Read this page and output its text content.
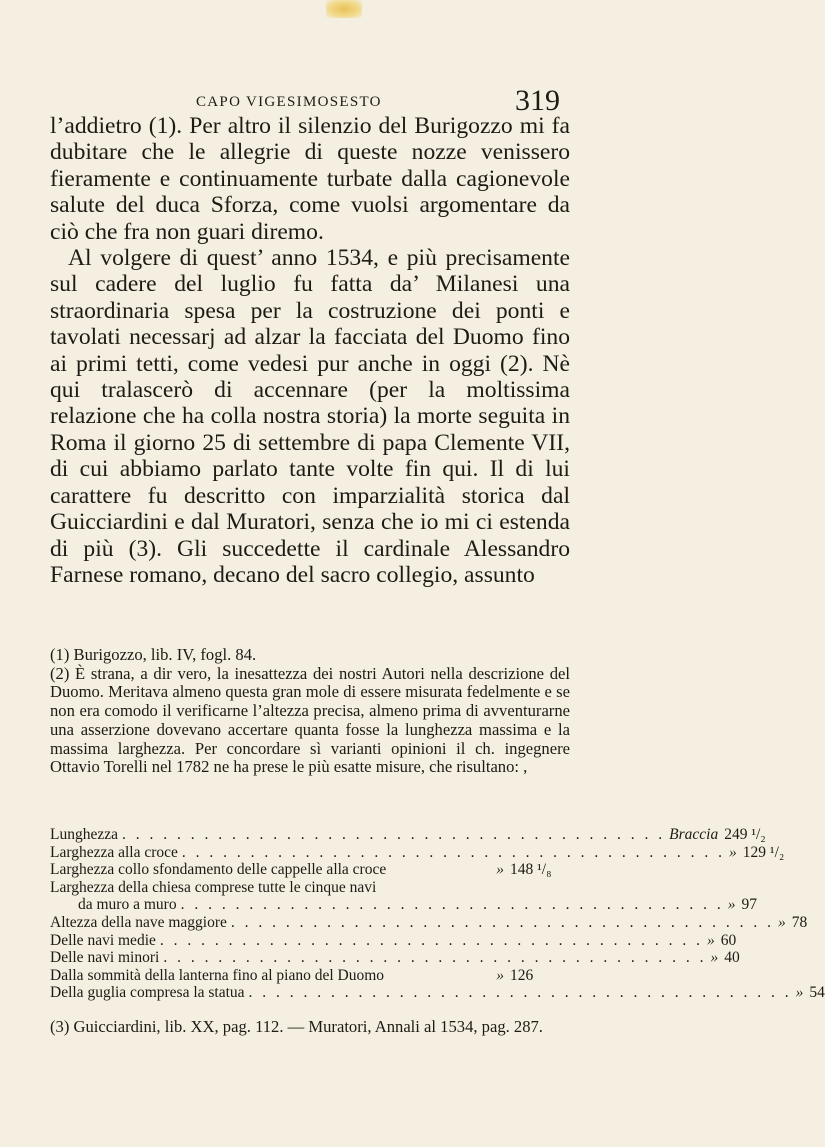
CAPO VIGESIMOSESTO	319

l’addietro (1). Per altro il silenzio del Burigozzo mi fa dubitare che le allegrie di queste nozze venissero fieramente e continuamente turbate dalla cagionevole salute del duca Sforza, come vuolsi argomentare da ciò che fra non guari diremo.

Al volgere di quest’ anno 1534, e più precisamente sul cadere del luglio fu fatta da’ Milanesi una straordinaria spesa per la costruzione dei ponti e tavolati necessarj ad alzar la facciata del Duomo fino ai primi tetti, come vedesi pur anche in oggi (2). Nè qui tralascerò di accennare (per la moltissima relazione che ha colla nostra storia) la morte seguita in Roma il giorno 25 di settembre di papa Clemente VII, di cui abbiamo parlato tante volte fin qui. Il di lui carattere fu descritto con imparzialità storica dal Guicciardini e dal Muratori, senza che io mi ci estenda di più (3). Gli succedette il cardinale Alessandro Farnese romano, decano del sacro collegio, assunto

(1) Burigozzo, lib. IV, fogl. 84.

(2) È strana, a dir vero, la inesattezza dei nostri Autori nella descrizione del Duomo. Meritava almeno questa gran mole di essere misurata fedelmente e se non era comodo il verificarne l’altezza precisa, almeno prima di avventurarne una asserzione dovevano accertare quanta fosse la lunghezza massima e la massima larghezza. Per concordare sì varianti opinioni il ch. ingegnere Ottavio Torelli nel 1782 ne ha prese le più esatte misure, che risultano: ,

Lunghezza . . . . . . . . . . . . . . . . . . . . . . . . . . . . . . . . . . . . . . . . Braccia 249 ¹/₂
Larghezza alla croce . . . . . . . . . . . . . . . . . . . . . . . . . . . . . . . . . . . . . . . . » 129 ¹/₂
Larghezza collo sfondamento delle cappelle alla croce	» 148 ¹/₈
Larghezza della chiesa comprese tutte le cinque navi
da muro a muro . . . . . . . . . . . . . . . . . . . . . . . . . . . . . . . . . . . . . . . . » 97
Altezza della nave maggiore . . . . . . . . . . . . . . . . . . . . . . . . . . . . . . . . . . . . . . . . » 78
Delle navi medie . . . . . . . . . . . . . . . . . . . . . . . . . . . . . . . . . . . . . . . . » 60
Delle navi minori . . . . . . . . . . . . . . . . . . . . . . . . . . . . . . . . . . . . . . . . » 40
Dalla sommità della lanterna fino al piano del Duomo	» 126
Della guglia compresa la statua . . . . . . . . . . . . . . . . . . . . . . . . . . . . . . . . . . . . . . . . » 54

(3) Guicciardini, lib. XX, pag. 112. — Muratori, Annali al 1534, pag. 287.
